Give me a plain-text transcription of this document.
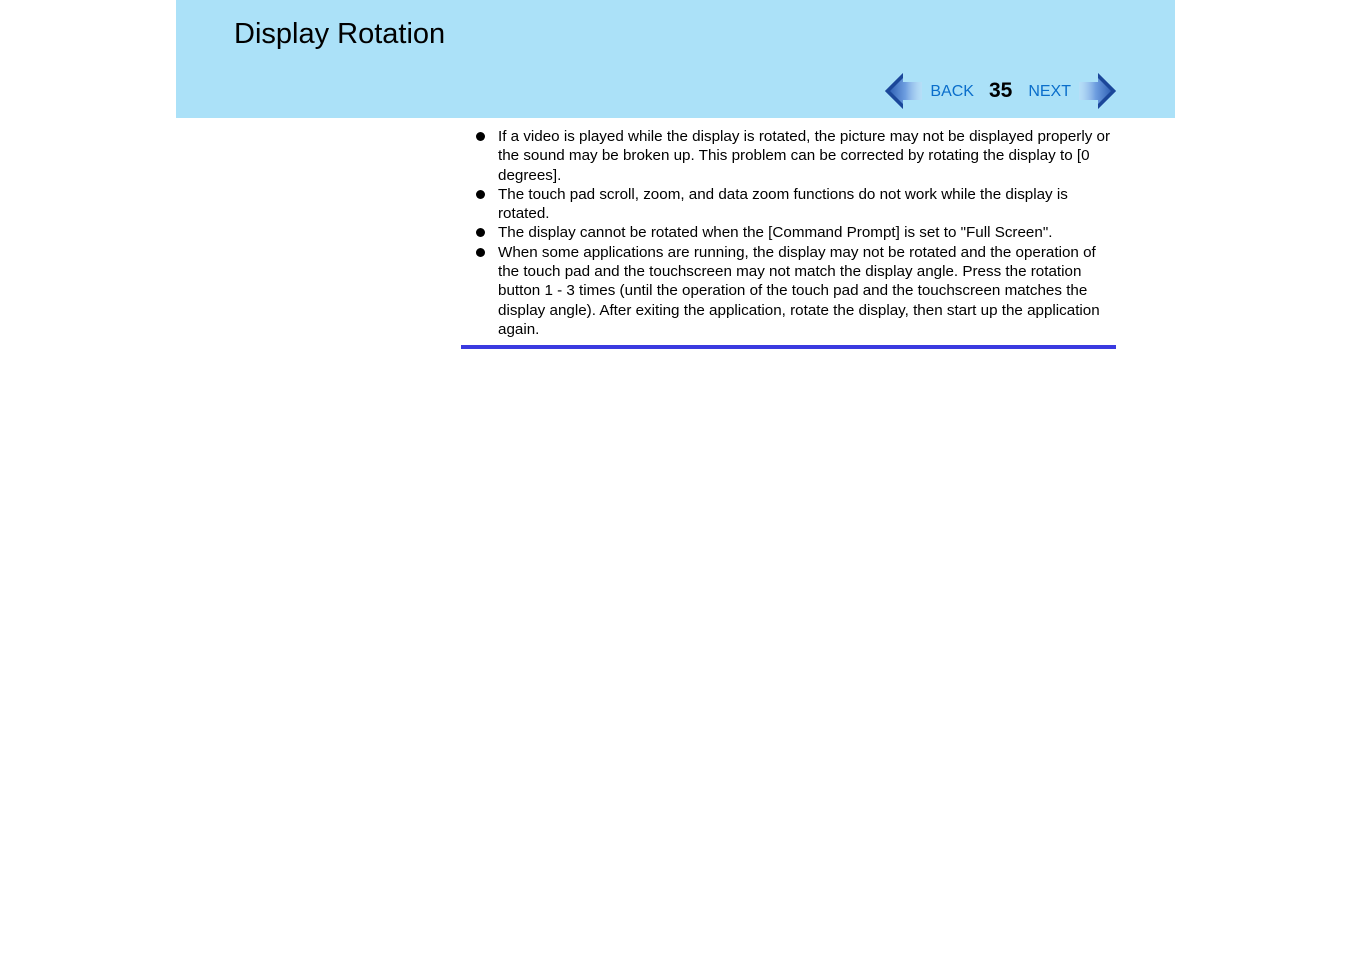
Display Rotation
BACK 35 NEXT
If a video is played while the display is rotated, the picture may not be displayed properly or the sound may be broken up. This problem can be corrected by rotating the display to [0 degrees].
The touch pad scroll, zoom, and data zoom functions do not work while the display is rotated.
The display cannot be rotated when the [Command Prompt] is set to "Full Screen".
When some applications are running, the display may not be rotated and the operation of the touch pad and the touchscreen may not match the display angle. Press the rotation button 1 - 3 times (until the operation of the touch pad and the touchscreen matches the display angle). After exiting the application, rotate the display, then start up the application again.
